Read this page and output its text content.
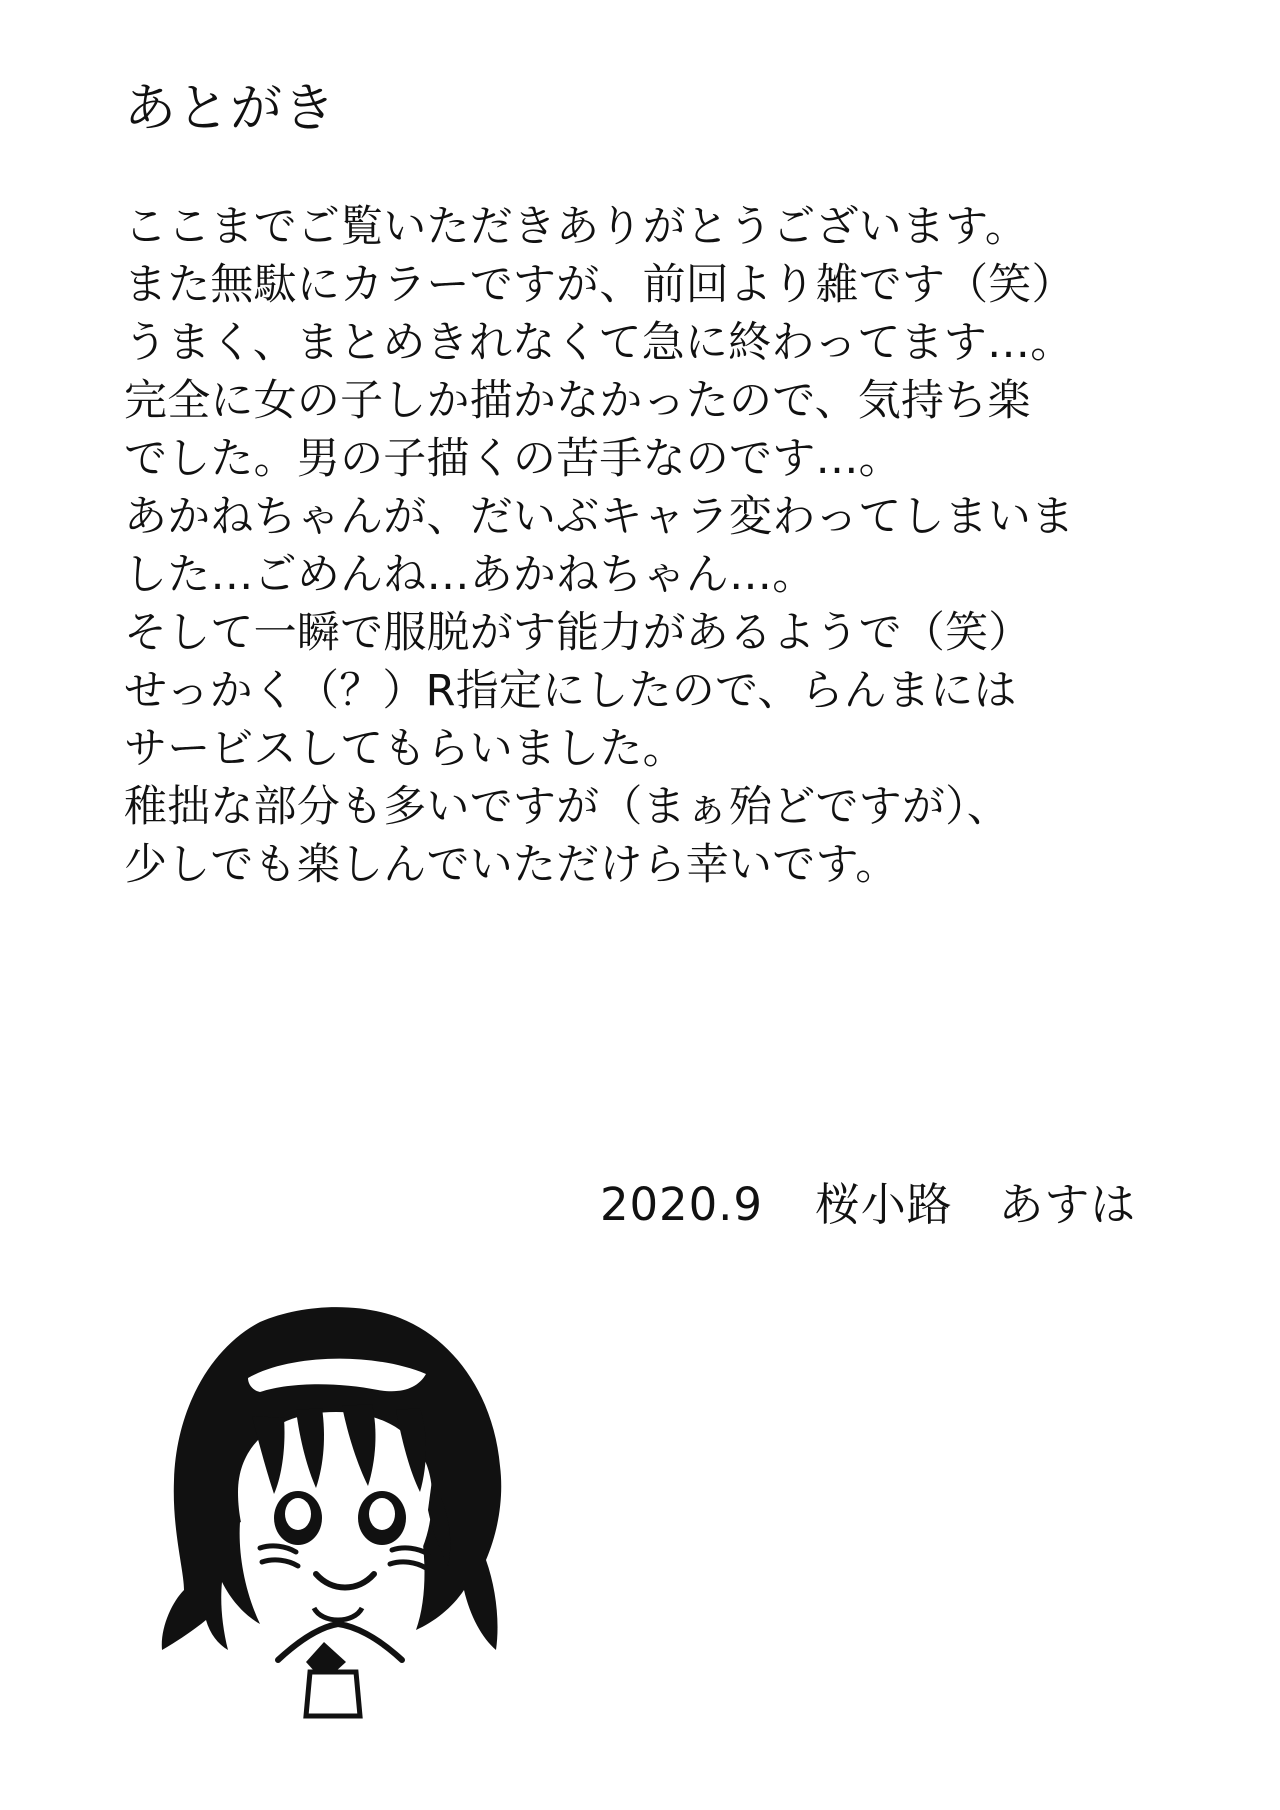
あとがき
ここまでご覧いただきありがとうございます。
また無駄にカラーですが、前回より雑です（笑）
うまく、まとめきれなくて急に終わってます…。
完全に女の子しか描かなかったので、気持ち楽
でした。男の子描くの苦手なのです…。
あかねちゃんが、だいぶキャラ変わってしまいま
した…ごめんね…あかねちゃん…。
そして一瞬で服脱がす能力があるようで（笑）
せっかく（？）R指定にしたので、らんまには
サービスしてもらいました。
稚拙な部分も多いですが（まぁ殆どですが）、
少しでも楽しんでいただけら幸いです。
2020.9 桜小路　あすは
